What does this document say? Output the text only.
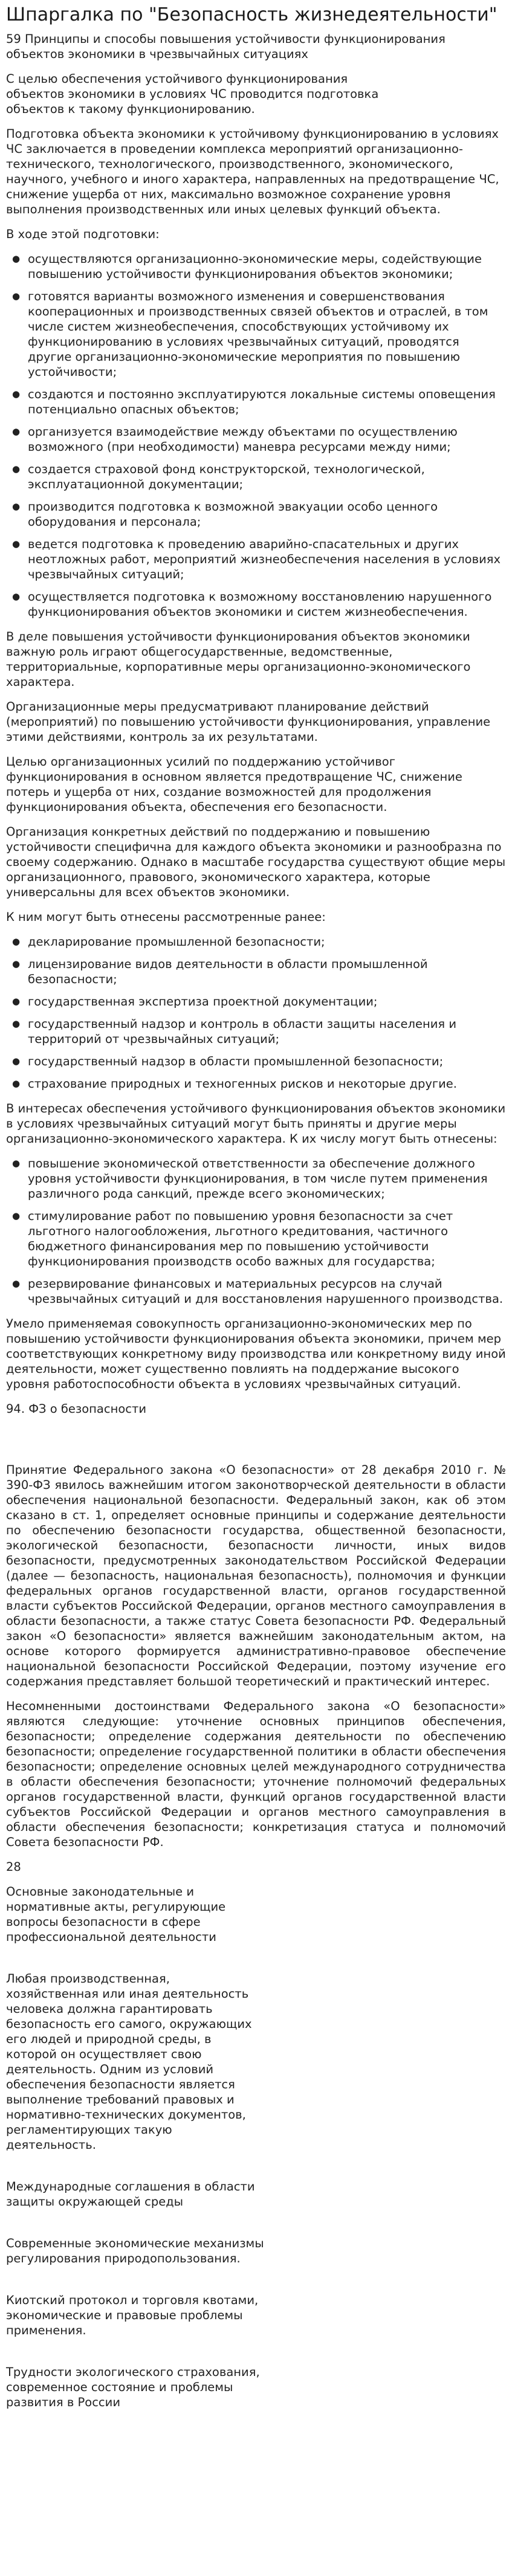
Шпаргалка по "Безопасность жизнедеятельности"

59 Принципы и способы повышения устойчивости функционирования объектов экономики в чрезвычайных ситуациях

С целью обеспечения устойчивого функционирования объектов экономики в условиях ЧС проводится подготовка объектов к такому функционированию.

Подготовка объекта экономики к устойчивому функционированию в условиях ЧС заключается в проведении комплекса мероприятий организационно-технического, технологического, производственного, экономического, научного, учебного и иного характера, направленных на предотвращение ЧС, снижение ущерба от них, максимально возможное сохранение уровня выполнения производственных или иных целевых функций объекта.

В ходе этой подготовки:

● осуществляются организационно-экономические меры, содействующие повышению устойчивости функционирования объектов экономики;
● готовятся варианты возможного изменения и совершенствования кооперационных и производственных связей объектов и отраслей, в том числе систем жизнеобеспечения, способствующих устойчивому их функционированию в условиях чрезвычайных ситуаций, проводятся другие организационно-экономические мероприятия по повышению устойчивости;
● создаются и постоянно эксплуатируются локальные системы оповещения потенциально опасных объектов;
● организуется взаимодействие между объектами по осуществлению возможного (при необходимости) маневра ресурсами между ними;
● создается страховой фонд конструкторской, технологической, эксплуатационной документации;
● производится подготовка к возможной эвакуации особо ценного оборудования и персонала;
● ведется подготовка к проведению аварийно-спасательных и других неотложных работ, мероприятий жизнеобеспечения населения в условиях чрезвычайных ситуаций;
● осуществляется подготовка к возможному восстановлению нарушенного функционирования объектов экономики и систем жизнеобеспечения.

В деле повышения устойчивости функционирования объектов экономики важную роль играют общегосударственные, ведомственные, территориальные, корпоративные меры организационно-экономического характера.

Организационные меры предусматривают планирование действий (мероприятий) по повышению устойчивости функционирования, управление этими действиями, контроль за их результатами.

Целью организационных усилий по поддержанию устойчивог функционирования в основном является предотвращение ЧС, снижение потерь и ущерба от них, создание возможностей для продолжения функционирования объекта, обеспечения его безопасности.

Организация конкретных действий по поддержанию и повышению устойчивости специфична для каждого объекта экономики и разнообразна по своему содержанию. Однако в масштабе государства существуют общие меры организационного, правового, экономического характера, которые универсальны для всех объектов экономики.

К ним могут быть отнесены рассмотренные ранее:

● декларирование промышленной безопасности;
● лицензирование видов деятельности в области промышленной безопасности;
● государственная экспертиза проектной документации;
● государственный надзор и контроль в области защиты населения и территорий от чрезвычайных ситуаций;
● государственный надзор в области промышленной безопасности;
● страхование природных и техногенных рисков и некоторые другие.

В интересах обеспечения устойчивого функционирования объектов экономики в условиях чрезвычайных ситуаций могут быть приняты и другие меры организационно-экономического характера. К их числу могут быть отнесены:

● повышение экономической ответственности за обеспечение должного уровня устойчивости функционирования, в том числе путем применения различного рода санкций, прежде всего экономических;
● стимулирование работ по повышению уровня безопасности за счет льготного налогообложения, льготного кредитования, частичного бюджетного финансирования мер по повышению устойчивости функционирования производств особо важных для государства;
● резервирование финансовых и материальных ресурсов на случай чрезвычайных ситуаций и для восстановления нарушенного производства.

Умело применяемая совокупность организационно-экономических мер по повышению устойчивости функционирования объекта экономики, причем мер соответствующих конкретному виду производства или конкретному виду иной деятельности, может существенно повлиять на поддержание высокого уровня работоспособности объекта в условиях чрезвычайных ситуаций.

94. ФЗ о безопасности

Принятие Федерального закона «О безопасности» от 28 декабря 2010 г. № 390-ФЗ явилось важнейшим итогом законотворческой деятельности в области обеспечения национальной безопасности. Федеральный закон, как об этом сказано в ст. 1, определяет основные принципы и содержание деятельности по обеспечению безопасности государства, общественной безопасности, экологической безопасности, безопасности личности, иных видов безопасности, предусмотренных законодательством Российской Федерации (далее — безопасность, национальная безопасность), полномочия и функции федеральных органов государственной власти, органов государственной власти субъектов Российской Федерации, органов местного самоуправления в области безопасности, а также статус Совета безопасности РФ. Федеральный закон «О безопасности» является важнейшим законодательным актом, на основе которого формируется административно-правовое обеспечение национальной безопасности Российской Федерации, поэтому изучение его содержания представляет большой теоретический и практический интерес.

Несомненными достоинствами Федерального закона «О безопасности» являются следующие: уточнение основных принципов обеспечения, безопасности; определение содержания деятельности по обеспечению безопасности; определение государственной политики в области обеспечения безопасности; определение основных целей международного сотрудничества в области обеспечения безопасности; уточнение полномочий федеральных органов государственной власти, функций органов государственной власти субъектов Российской Федерации и органов местного самоуправления в области обеспечения безопасности; конкретизация статуса и полномочий Совета безопасности РФ.

28

Основные законодательные и нормативные акты, регулирующие вопросы безопасности в сфере профессиональной деятельности

Любая производственная, хозяйственная или иная деятельность человека должна гарантировать безопасность его самого, окружающих его людей и природной среды, в которой он осуществляет свою деятельность. Одним из условий обеспечения безопасности является выполнение требований правовых и нормативно-технических документов, регламентирующих такую деятельность.

Международные соглашения в области защиты окружающей среды

Современные экономические механизмы регулирования природопользования.

Киотский протокол и торговля квотами, экономические и правовые проблемы применения.

Трудности экологического страхования, современное состояние и проблемы развития в России
